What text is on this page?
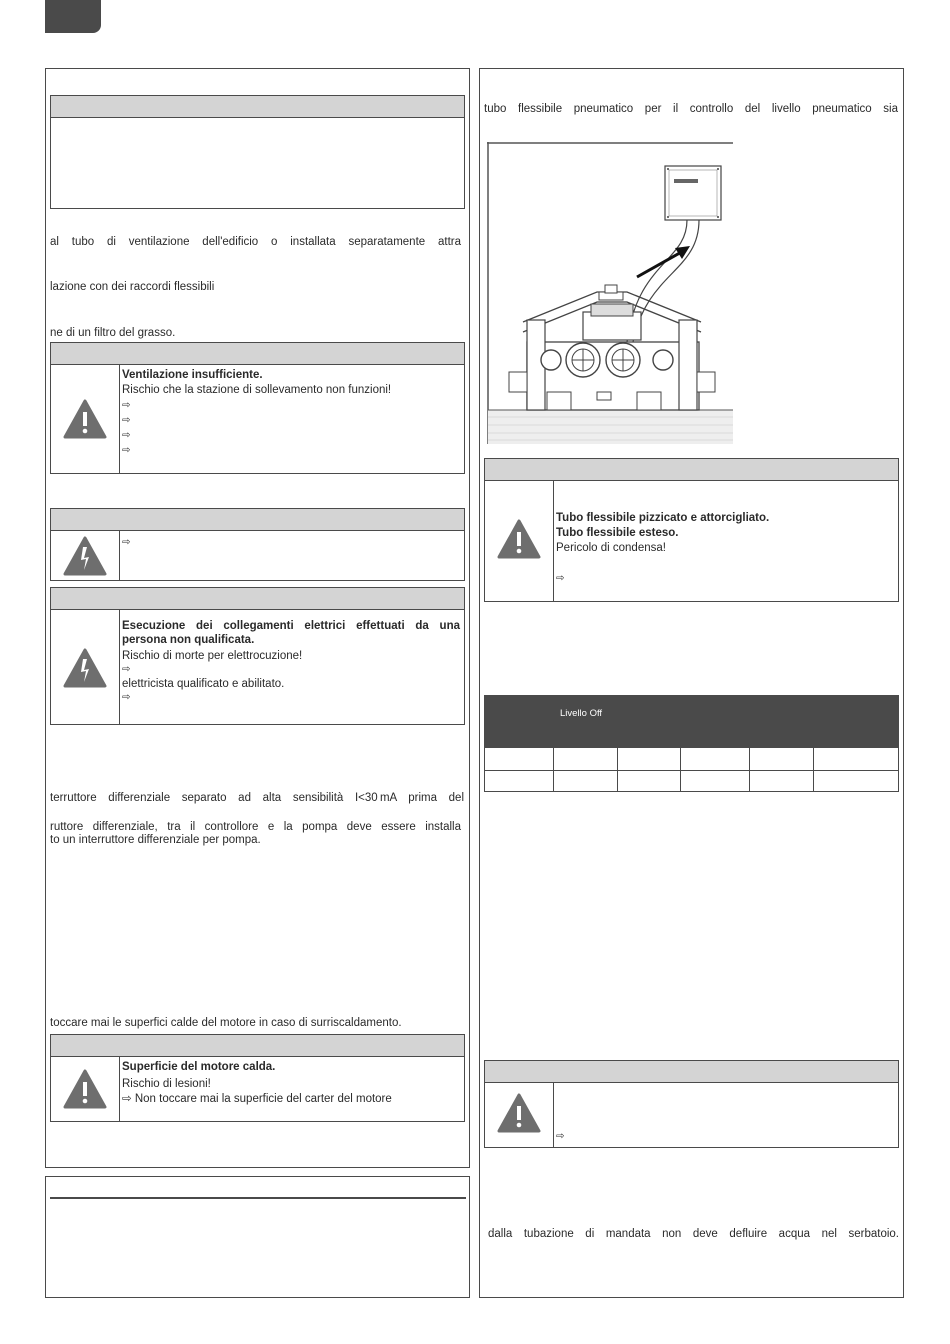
al tubo di ventilazione dell'edificio o installata separatamente attra
lazione con dei raccordi flessibili
ne di un filtro del grasso.
Ventilazione insufficiente.
Rischio che la stazione di sollevamento non funzioni!
⇨
⇨
⇨
⇨
⇨
Esecuzione dei collegamenti elettrici effettuati da una persona non qualificata.
Rischio di morte per elettrocuzione!
⇨
elettricista qualificato e abilitato.
⇨
terruttore differenziale separato ad alta sensibilità I<30 mA prima del
ruttore differenziale, tra il controllore e la pompa deve essere installa
to un interruttore differenziale per pompa.
toccare mai le superfici calde del motore in caso di surriscaldamento.
Superficie del motore calda.
Rischio di lesioni!
⇨ Non toccare mai la superficie del carter del motore
tubo flessibile pneumatico per il controllo del livello pneumatico sia
Tubo flessibile pizzicato e attorcigliato.
Tubo flessibile esteso.
Pericolo di condensa!
⇨
	Livello Off				

⇨
dalla tubazione di mandata non deve defluire acqua nel serbatoio.
